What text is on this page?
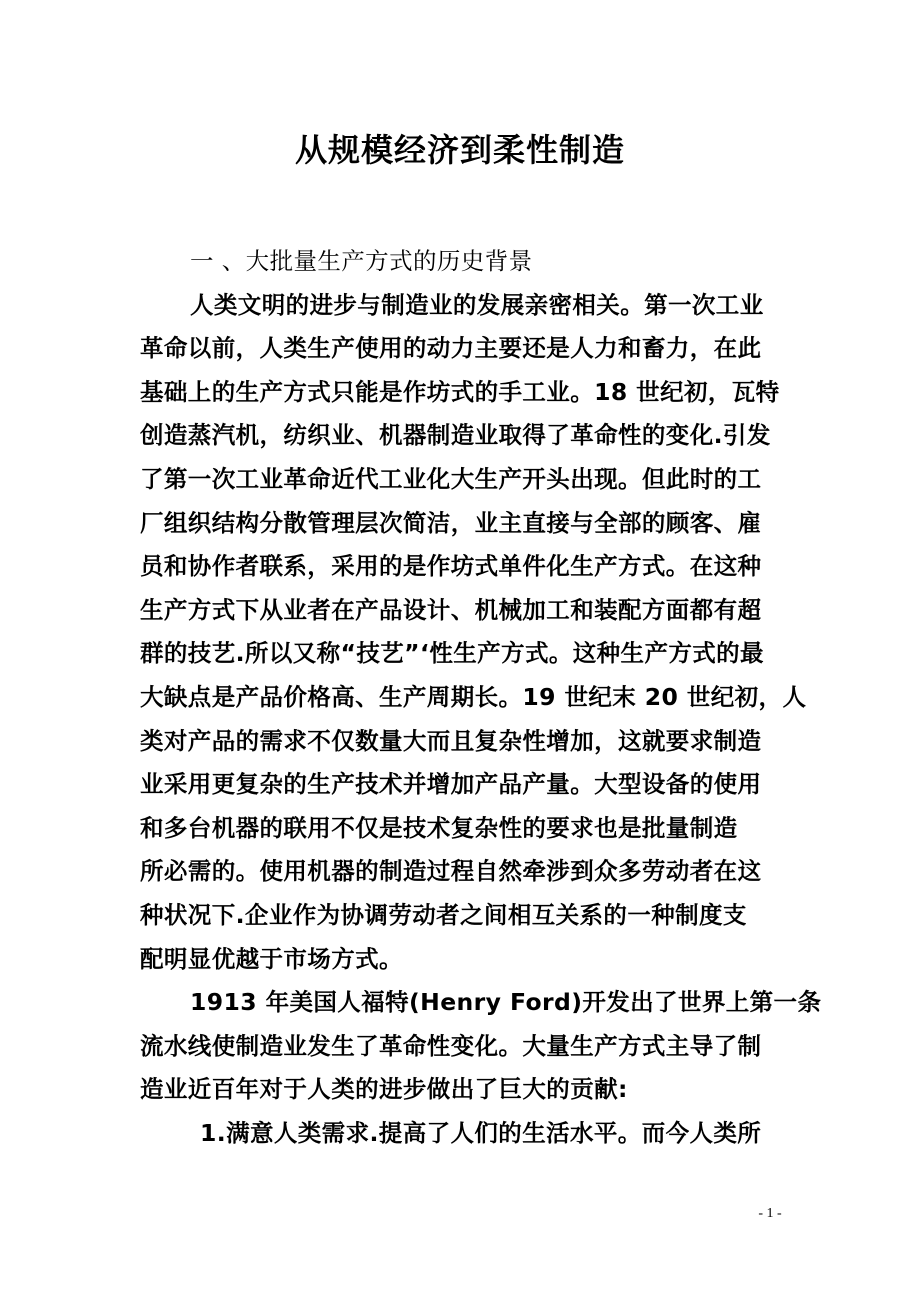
从规模经济到柔性制造
一 、大批量生产方式的历史背景
人类文明的进步与制造业的发展亲密相关。第一次工业
革命以前，人类生产使用的动力主要还是人力和畜力，在此
基础上的生产方式只能是作坊式的手工业。18 世纪初，瓦特
创造蒸汽机，纺织业、机器制造业取得了革命性的变化.引发
了第一次工业革命近代工业化大生产开头出现。但此时的工
厂组织结构分散管理层次简洁，业主直接与全部的顾客、雇
员和协作者联系，采用的是作坊式单件化生产方式。在这种
生产方式下从业者在产品设计、机械加工和装配方面都有超
群的技艺.所以又称“技艺”‘性生产方式。这种生产方式的最
大缺点是产品价格高、生产周期长。19 世纪末 20 世纪初，人
类对产品的需求不仅数量大而且复杂性增加，这就要求制造
业采用更复杂的生产技术并增加产品产量。大型设备的使用
和多台机器的联用不仅是技术复杂性的要求也是批量制造
所必需的。使用机器的制造过程自然牵涉到众多劳动者在这
种状况下.企业作为协调劳动者之间相互关系的一种制度支
配明显优越于市场方式。
1913 年美国人福特(Henry Ford)开发出了世界上第一条
流水线使制造业发生了革命性变化。大量生产方式主导了制
造业近百年对于人类的进步做出了巨大的贡献:
1.满意人类需求.提高了人们的生活水平。而今人类所
- 1 -
